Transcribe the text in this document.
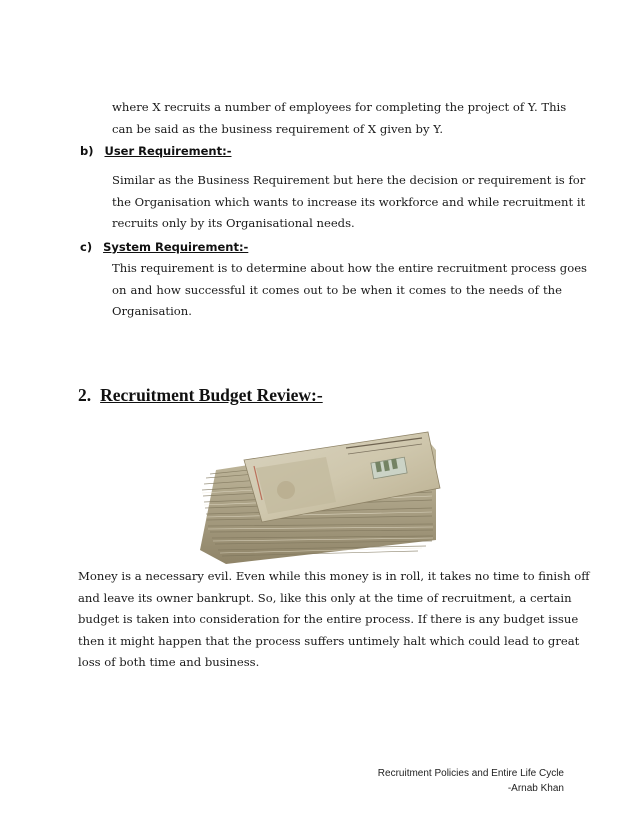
where X recruits a number of employees for completing the project of Y. This
can be said as the business requirement of X given by Y.
b) User Requirement:-
Similar as the Business Requirement but here the decision or requirement is for
the Organisation which wants to increase its workforce and while recruitment it
recruits only by its Organisational needs.
c) System Requirement:-
This requirement is to determine about how the entire recruitment process goes
on and how successful it comes out to be when it comes to the needs of the
Organisation.
2. Recruitment Budget Review:-
Money is a necessary evil. Even while this money is in roll, it takes no time to finish off
and leave its owner bankrupt. So, like this only at the time of recruitment, a certain
budget is taken into consideration for the entire process. If there is any budget issue
then it might happen that the process suffers untimely halt which could lead to great
loss of both time and business.
Recruitment Policies and Entire Life Cycle
-Arnab Khan
